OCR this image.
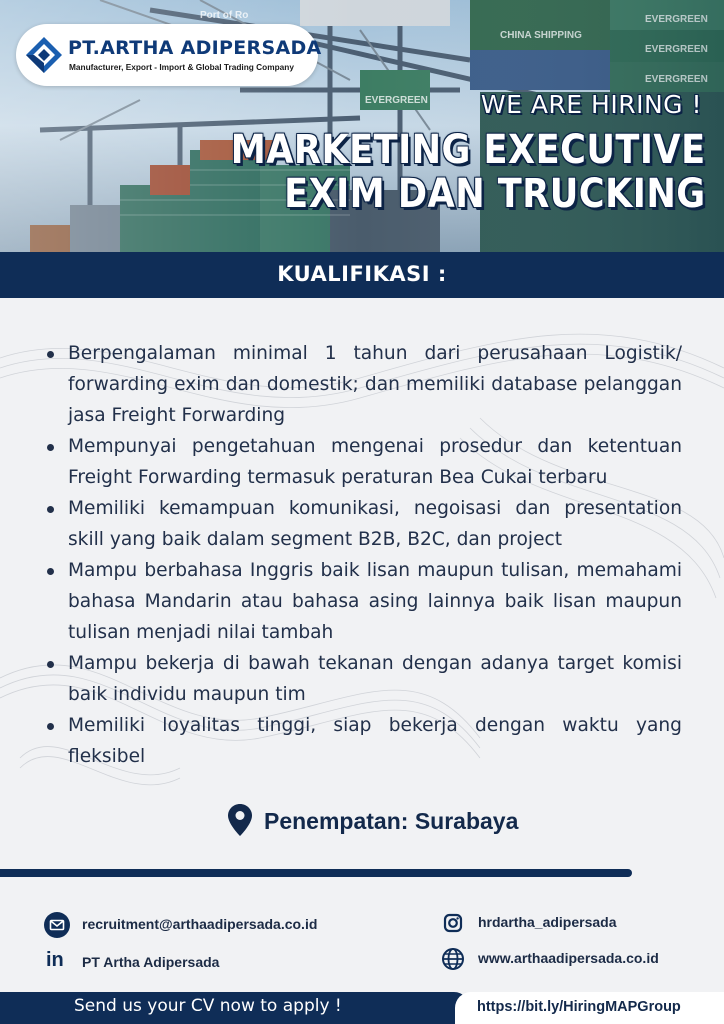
PT.ARTHA ADIPERSADA
Manufacturer, Export - Import & Global Trading Company
WE ARE HIRING !
MARKETING EXECUTIVE
EXIM DAN TRUCKING
KUALIFIKASI :
Berpengalaman minimal 1 tahun dari perusahaan Logistik/ forwarding exim dan domestik; dan memiliki database pelanggan jasa Freight Forwarding
Mempunyai pengetahuan mengenai prosedur dan ketentuan Freight Forwarding termasuk peraturan Bea Cukai terbaru
Memiliki kemampuan komunikasi, negoisasi dan presentation skill yang baik dalam segment B2B, B2C, dan project
Mampu berbahasa Inggris baik lisan maupun tulisan, memahami bahasa Mandarin atau bahasa asing lainnya baik lisan maupun tulisan menjadi nilai tambah
Mampu bekerja di bawah tekanan dengan adanya target komisi baik individu maupun tim
Memiliki loyalitas tinggi, siap bekerja dengan waktu yang fleksibel
Penempatan: Surabaya
recruitment@arthaadipersada.co.id
in PT Artha Adipersada
hrdartha_adipersada
www.arthaadipersada.co.id
Send us your CV now to apply !	https://bit.ly/HiringMAPGroup
